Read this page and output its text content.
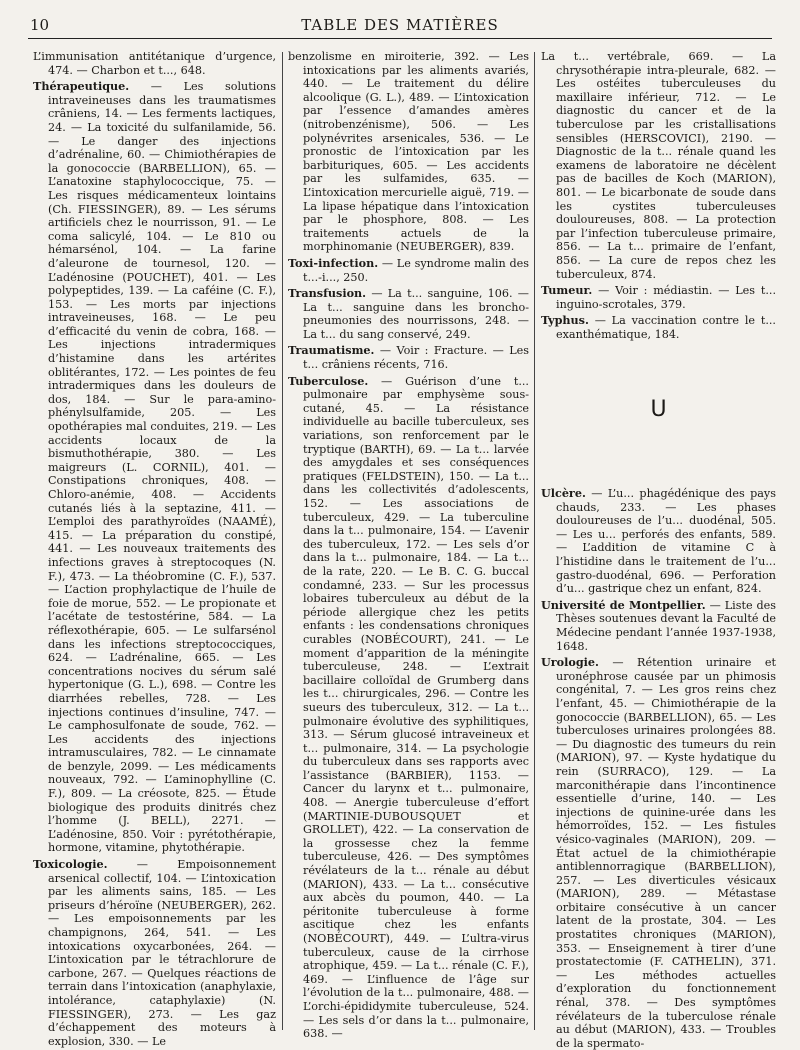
10	TABLE DES MATIÈRES

L’immunisation antitétanique d’urgence, 474. — Charbon et t..., 648.

Thérapeutique. — Les solutions intraveineuses dans les traumatismes crâniens, 14. — Les ferments lactiques, 24. — La toxicité du sulfanilamide, 56. — Le danger des injections d’adrénaline, 60. — Chimiothérapies de la gonococcie (BARBELLION), 65. — L’anatoxine staphylococcique, 75. — Les risques médicamenteux lointains (Ch. FIESSINGER), 89. — Les sérums artificiels chez le nourrisson, 91. — Le coma salicylé, 104. — Le 810 ou hémarsénol, 104. — La farine d’aleurone de tournesol, 120. — L’adénosine (POUCHET), 401. — Les polypeptides, 139. — La caféine (C. F.), 153. — Les morts par injections intraveineuses, 168. — Le peu d’efficacité du venin de cobra, 168. — Les injections intradermiques d’histamine dans les artérites oblitérantes, 172. — Les pointes de feu intradermiques dans les douleurs de dos, 184. — Sur le para-amino-phénylsulfamide, 205. — Les opothérapies mal conduites, 219. — Les accidents locaux de la bismuthothérapie, 380. — Les maigreurs (L. CORNIL), 401. — Constipations chroniques, 408. — Chloro-anémie, 408. — Accidents cutanés liés à la septazine, 411. — L’emploi des parathyroïdes (NAAMÉ), 415. — La préparation du constipé, 441. — Les nouveaux traitements des infections graves à streptocoques (N. F.), 473. — La théobromine (C. F.), 537. — L’action prophylactique de l’huile de foie de morue, 552. — Le propionate et l’acétate de testostérine, 584. — La réflexothérapie, 605. — Le sulfarsénol dans les infections streptococciques, 624. — L’adrénaline, 665. — Les concentrations nocives du sérum salé hypertonique (G. L.), 698. — Contre les diarrhées rebelles, 728. — Les injections continues d’insuline, 747. — Le camphosulfonate de soude, 762. — Les accidents des injections intramusculaires, 782. — Le cinnamate de benzyle, 2099. — Les médicaments nouveaux, 792. — L’aminophylline (C. F.), 809. — La créosote, 825. — Étude biologique des produits dinitrés chez l’homme (J. BELL), 2271. — L’adénosine, 850. Voir : pyrétothérapie, hormone, vitamine, phytothérapie.

Toxicologie. — Empoisonnement arsenical collectif, 104. — L’intoxication par les aliments sains, 185. — Les priseurs d’héroïne (NEUBERGER), 262. — Les empoisonnements par les champignons, 264, 541. — Les intoxications oxycarbonées, 264. — L’intoxication par le tétrachlorure de carbone, 267. — Quelques réactions de terrain dans l’intoxication (anaphylaxie, intolérance, cataphylaxie) (N. FIESSINGER), 273. — Les gaz d’échappement des moteurs à explosion, 330. — Le

benzolisme en miroiterie, 392. — Les intoxications par les aliments avariés, 440. — Le traitement du délire alcoolique (G. L.), 489. — L’intoxication par l’essence d’amandes amères (nitrobenzénisme), 506. — Les polynévrites arsenicales, 536. — Le pronostic de l’intoxication par les barbituriques, 605. — Les accidents par les sulfamides, 635. — L’intoxication mercurielle aiguë, 719. — La lipase hépatique dans l’intoxication par le phosphore, 808. — Les traitements actuels de la morphinomanie (NEUBERGER), 839.

Toxi-infection. — Le syndrome malin des t...-i..., 250.

Transfusion. — La t... sanguine, 106. — La t... sanguine dans les broncho-pneumonies des nourrissons, 248. — La t... du sang conservé, 249.

Traumatisme. — Voir : Fracture. — Les t... crâniens récents, 716.

Tuberculose. — Guérison d’une t... pulmonaire par emphysème sous-cutané, 45. — La résistance individuelle au bacille tuberculeux, ses variations, son renforcement par le tryptique (BARTH), 69. — La t... larvée des amygdales et ses conséquences pratiques (FELDSTEIN), 150. — La t... dans les collectivités d’adolescents, 152. — Les associations de tuberculeux, 429. — La tuberculine dans la t... pulmonaire, 154. — L’avenir des tuberculeux, 172. — Les sels d’or dans la t... pulmonaire, 184. — La t... de la rate, 220. — Le B. C. G. buccal condamné, 233. — Sur les processus lobaires tuberculeux au début de la période allergique chez les petits enfants : les condensations chroniques curables (NOBÉCOURT), 241. — Le moment d’apparition de la méningite tuberculeuse, 248. — L’extrait bacillaire colloïdal de Grumberg dans les t... chirurgicales, 296. — Contre les sueurs des tuberculeux, 312. — La t... pulmonaire évolutive des syphilitiques, 313. — Sérum glucosé intraveineux et t... pulmonaire, 314. — La psychologie du tuberculeux dans ses rapports avec l’assistance (BARBIER), 1153. — Cancer du larynx et t... pulmonaire, 408. — Anergie tuberculeuse d’effort (MARTINIE-DUBOUSQUET et GROLLET), 422. — La conservation de la grossesse chez la femme tuberculeuse, 426. — Des symptômes révélateurs de la t... rénale au début (MARION), 433. — La t... consécutive aux abcès du poumon, 440. — La péritonite tuberculeuse à forme ascitique chez les enfants (NOBÉCOURT), 449. — L’ultra-virus tuberculeux, cause de la cirrhose atrophique, 459. — La t... rénale (C. F.), 469. — L’influence de l’âge sur l’évolution de la t... pulmonaire, 488. — L’orchi-épididymite tuberculeuse, 524. — Les sels d’or dans la t... pulmonaire, 638. —

La t... vertébrale, 669. — La chrysothérapie intra-pleurale, 682. — Les ostéites tuberculeuses du maxillaire inférieur, 712. — Le diagnostic du cancer et de la tuberculose par les cristallisations sensibles (HERSCOVICI), 2190. — Diagnostic de la t... rénale quand les examens de laboratoire ne décèlent pas de bacilles de Koch (MARION), 801. — Le bicarbonate de soude dans les cystites tuberculeuses douloureuses, 808. — La protection par l’infection tuberculeuse primaire, 856. — La t... primaire de l’enfant, 856. — La cure de repos chez les tuberculeux, 874.

Tumeur. — Voir : médiastin. — Les t... inguino-scrotales, 379.

Typhus. — La vaccination contre le t... exanthématique, 184.

U

Ulcère. — L’u... phagédénique des pays chauds, 233. — Les phases douloureuses de l’u... duodénal, 505. — Les u... perforés des enfants, 589. — L’addition de vitamine C à l’histidine dans le traitement de l’u... gastro-duodénal, 696. — Perforation d’u... gastrique chez un enfant, 824.

Université de Montpellier. — Liste des Thèses soutenues devant la Faculté de Médecine pendant l’année 1937-1938, 1648.

Urologie. — Rétention urinaire et uronéphrose causée par un phimosis congénital, 7. — Les gros reins chez l’enfant, 45. — Chimiothérapie de la gonococcie (BARBELLION), 65. — Les tuberculoses urinaires prolongées 88. — Du diagnostic des tumeurs du rein (MARION), 97. — Kyste hydatique du rein (SURRACO), 129. — La marconithérapie dans l’incontinence essentielle d’urine, 140. — Les injections de quinine-urée dans les hémorroïdes, 152. — Les fistules vésico-vaginales (MARION), 209. — État actuel de la chimiothérapie antiblennorragique (BARBELLION), 257. — Les diverticules vésicaux (MARION), 289. — Métastase orbitaire consécutive à un cancer latent de la prostate, 304. — Les prostatites chroniques (MARION), 353. — Enseignement à tirer d’une prostatectomie (F. CATHELIN), 371. — Les méthodes actuelles d’exploration du fonctionnement rénal, 378. — Des symptômes révélateurs de la tuberculose rénale au début (MARION), 433. — Troubles de la spermato-
